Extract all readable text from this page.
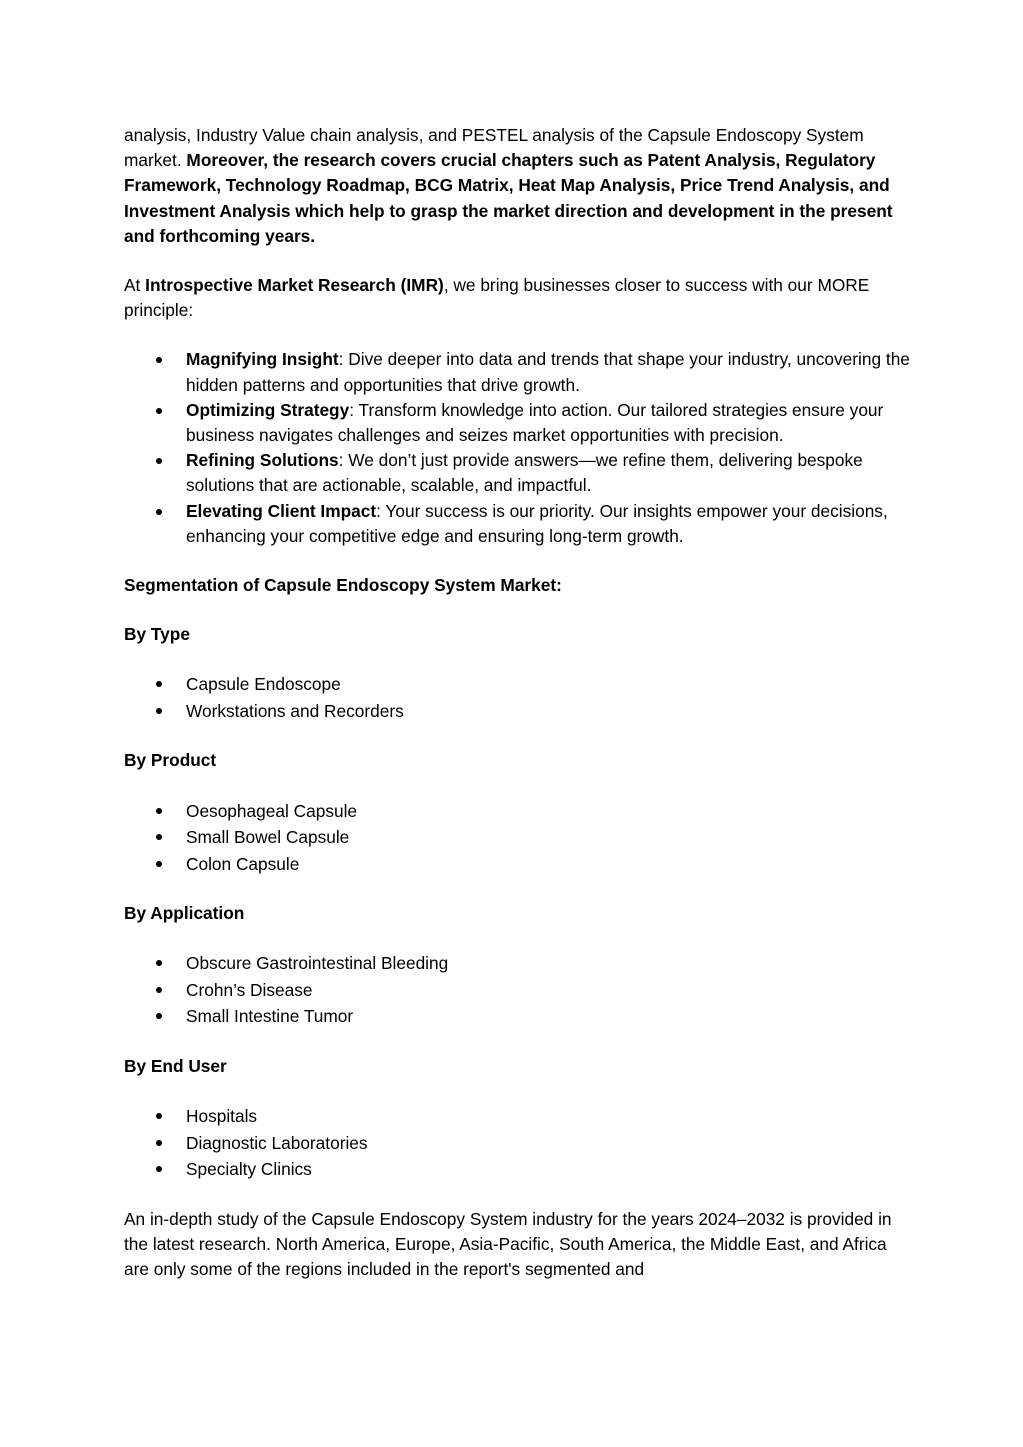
analysis, Industry Value chain analysis, and PESTEL analysis of the Capsule Endoscopy System market. Moreover, the research covers crucial chapters such as Patent Analysis, Regulatory Framework, Technology Roadmap, BCG Matrix, Heat Map Analysis, Price Trend Analysis, and Investment Analysis which help to grasp the market direction and development in the present and forthcoming years.

At Introspective Market Research (IMR), we bring businesses closer to success with our MORE principle:

Magnifying Insight: Dive deeper into data and trends that shape your industry, uncovering the hidden patterns and opportunities that drive growth.
Optimizing Strategy: Transform knowledge into action. Our tailored strategies ensure your business navigates challenges and seizes market opportunities with precision.
Refining Solutions: We don’t just provide answers—we refine them, delivering bespoke solutions that are actionable, scalable, and impactful.
Elevating Client Impact: Your success is our priority. Our insights empower your decisions, enhancing your competitive edge and ensuring long-term growth.

Segmentation of Capsule Endoscopy System Market:

By Type

Capsule Endoscope
Workstations and Recorders

By Product

Oesophageal Capsule
Small Bowel Capsule
Colon Capsule

By Application

Obscure Gastrointestinal Bleeding
Crohn’s Disease
Small Intestine Tumor

By End User

Hospitals
Diagnostic Laboratories
Specialty Clinics

An in-depth study of the Capsule Endoscopy System industry for the years 2024–2032 is provided in the latest research. North America, Europe, Asia-Pacific, South America, the Middle East, and Africa are only some of the regions included in the report's segmented and
